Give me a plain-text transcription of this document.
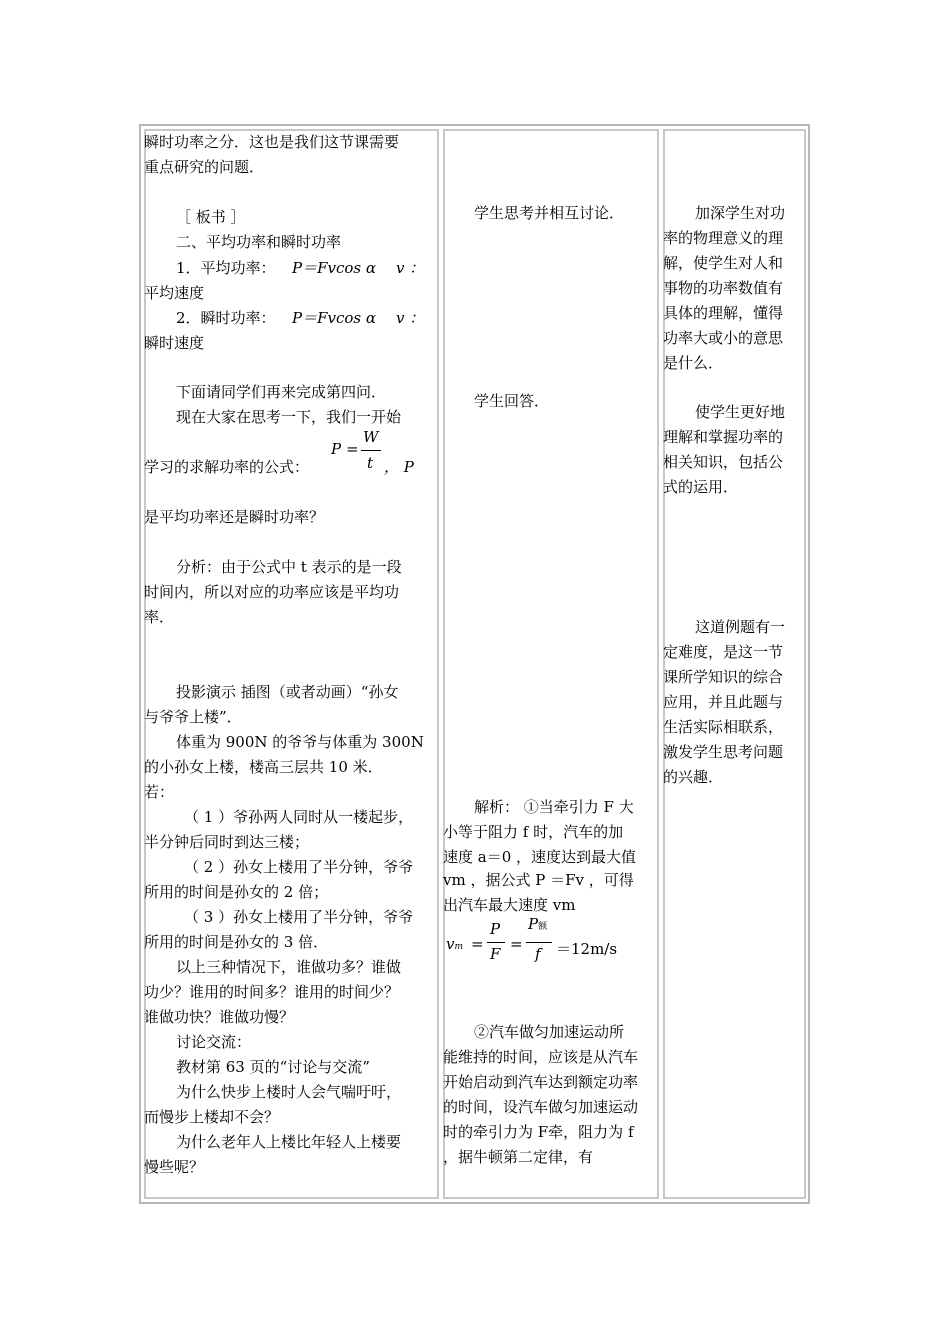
瞬时功率之分．这也是我们这节课需要
重点研究的问题．
［ 板书 ］
二、平均功率和瞬时功率
1．平均功率： P＝Fvcos α v ：
平均速度
2．瞬时功率： P＝Fvcos α v ：
瞬时速度
下面请同学们再来完成第四问．
现在大家在思考一下，我们一开始
学习的求解功率的公式：
P =
W
t ， P
是平均功率还是瞬时功率？
分析：由于公式中 t 表示的是一段
时间内，所以对应的功率应该是平均功
率．
投影演示 插图（或者动画）“孙女
与爷爷上楼”．
体重为 900N 的爷爷与体重为 300N
的小孙女上楼，楼高三层共 10 米．
若：
（ 1 ）爷孙两人同时从一楼起步，
半分钟后同时到达三楼；
（ 2 ）孙女上楼用了半分钟，爷爷
所用的时间是孙女的 2 倍；
（ 3 ）孙女上楼用了半分钟，爷爷
所用的时间是孙女的 3 倍．
以上三种情况下，谁做功多？谁做
功少？谁用的时间多？谁用的时间少？
谁做功快？谁做功慢？
讨论交流：
教材第 63 页的“讨论与交流”
为什么快步上楼时人会气喘吁吁，
而慢步上楼却不会？
为什么老年人上楼比年轻人上楼要
慢些呢？
学生思考并相互讨论．
学生回答．
解析： ①当牵引力 F 大
小等于阻力 f 时，汽车的加
速度 a＝0 ，速度达到最大值
vm ，据公式 P ＝Fv ，可得
出汽车最大速度 vm
vm =
P
F
=
P额
f ＝12m/s
②汽车做匀加速运动所
能维持的时间，应该是从汽车
开始启动到汽车达到额定功率
的时间，设汽车做匀加速运动
时的牵引力为 F牵，阻力为 f
，据牛顿第二定律，有
加深学生对功
率的物理意义的理
解，使学生对人和
事物的功率数值有
具体的理解，懂得
功率大或小的意思
是什么．
使学生更好地
理解和掌握功率的
相关知识，包括公
式的运用．
这道例题有一
定难度，是这一节
课所学知识的综合
应用，并且此题与
生活实际相联系，
激发学生思考问题
的兴趣．
